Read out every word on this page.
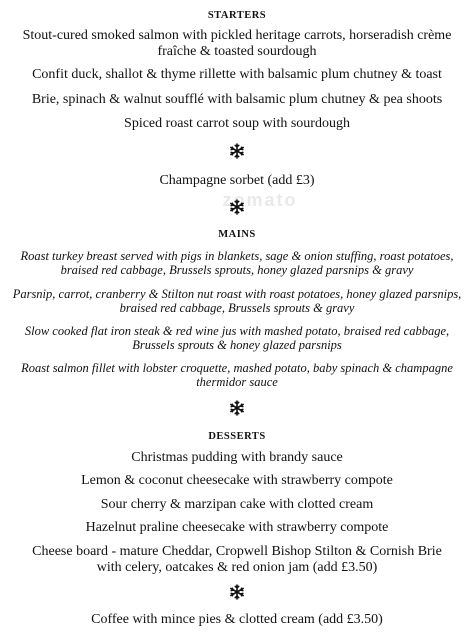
zomato
STARTERS
Stout-cured smoked salmon with pickled heritage carrots, horseradish crème fraîche & toasted sourdough
Confit duck, shallot & thyme rillette with balsamic plum chutney & toast
Brie, spinach & walnut soufflé with balsamic plum chutney & pea shoots
Spiced roast carrot soup with sourdough
Champagne sorbet (add £3)
MAINS
Roast turkey breast served with pigs in blankets, sage & onion stuffing, roast potatoes, braised red cabbage, Brussels sprouts, honey glazed parsnips & gravy
Parsnip, carrot, cranberry & Stilton nut roast with roast potatoes, honey glazed parsnips, braised red cabbage, Brussels sprouts & gravy
Slow cooked flat iron steak & red wine jus with mashed potato, braised red cabbage, Brussels sprouts & honey glazed parsnips
Roast salmon fillet with lobster croquette, mashed potato, baby spinach & champagne thermidor sauce
DESSERTS
Christmas pudding with brandy sauce
Lemon & coconut cheesecake with strawberry compote
Sour cherry & marzipan cake with clotted cream
Hazelnut praline cheesecake with strawberry compote
Cheese board - mature Cheddar, Cropwell Bishop Stilton & Cornish Brie with celery, oatcakes & red onion jam (add £3.50)
Coffee with mince pies & clotted cream (add £3.50)
